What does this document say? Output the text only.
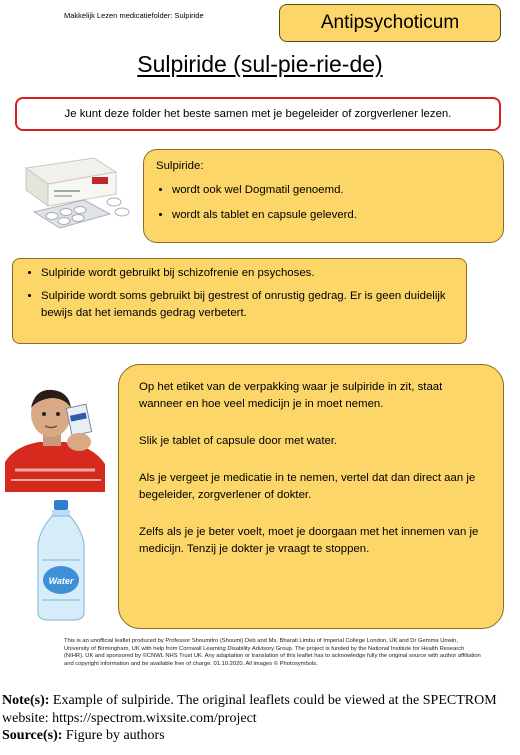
Makkelijk Lezen medicatiefolder: Sulpiride	Antipsychoticum
Sulpiride (sul-pie-rie-de)
Je kunt deze folder het beste samen met je begeleider of zorgverlener lezen.
Sulpiride:
• wordt ook wel Dogmatil genoemd.
• wordt als tablet en capsule geleverd.
• Sulpiride wordt gebruikt bij schizofrenie en psychoses.
• Sulpiride wordt soms gebruikt bij gestrest of onrustig gedrag. Er is geen duidelijk bewijs dat het iemands gedrag verbetert.
Water

Op het etiket van de verpakking waar je sulpiride in zit, staat wanneer en hoe veel medicijn je in moet nemen.

Slik je tablet of capsule door met water.

Als je vergeet je medicatie in te nemen, vertel dat dan direct aan je begeleider, zorgverlener of dokter.

Zelfs als je je beter voelt, moet je doorgaan met het innemen van je medicijn. Tenzij je dokter je vraagt te stoppen.

This is an unofficial leaflet produced by Professor Shoumitro (Shoumi) Deb and Ms. Bharati Limbu of Imperial College London, UK and Dr Gemma Unwin, University of Birmingham, UK with help from Cornwall Learning Disability Advisory Group. The project is funded by the National Institute for Health Research (NIHR), UK and sponsored by ©CNWL NHS Trust UK. Any adaptation or translation of this leaflet has to acknowledge fully the original source with author affiliation and copyright information and be available free of charge. 01.10.2020. All images © Photosymbols.
Note(s): Example of sulpiride. The original leaflets could be viewed at the SPECTROM website: https://spectrom.wixsite.com/project
Source(s): Figure by authors
